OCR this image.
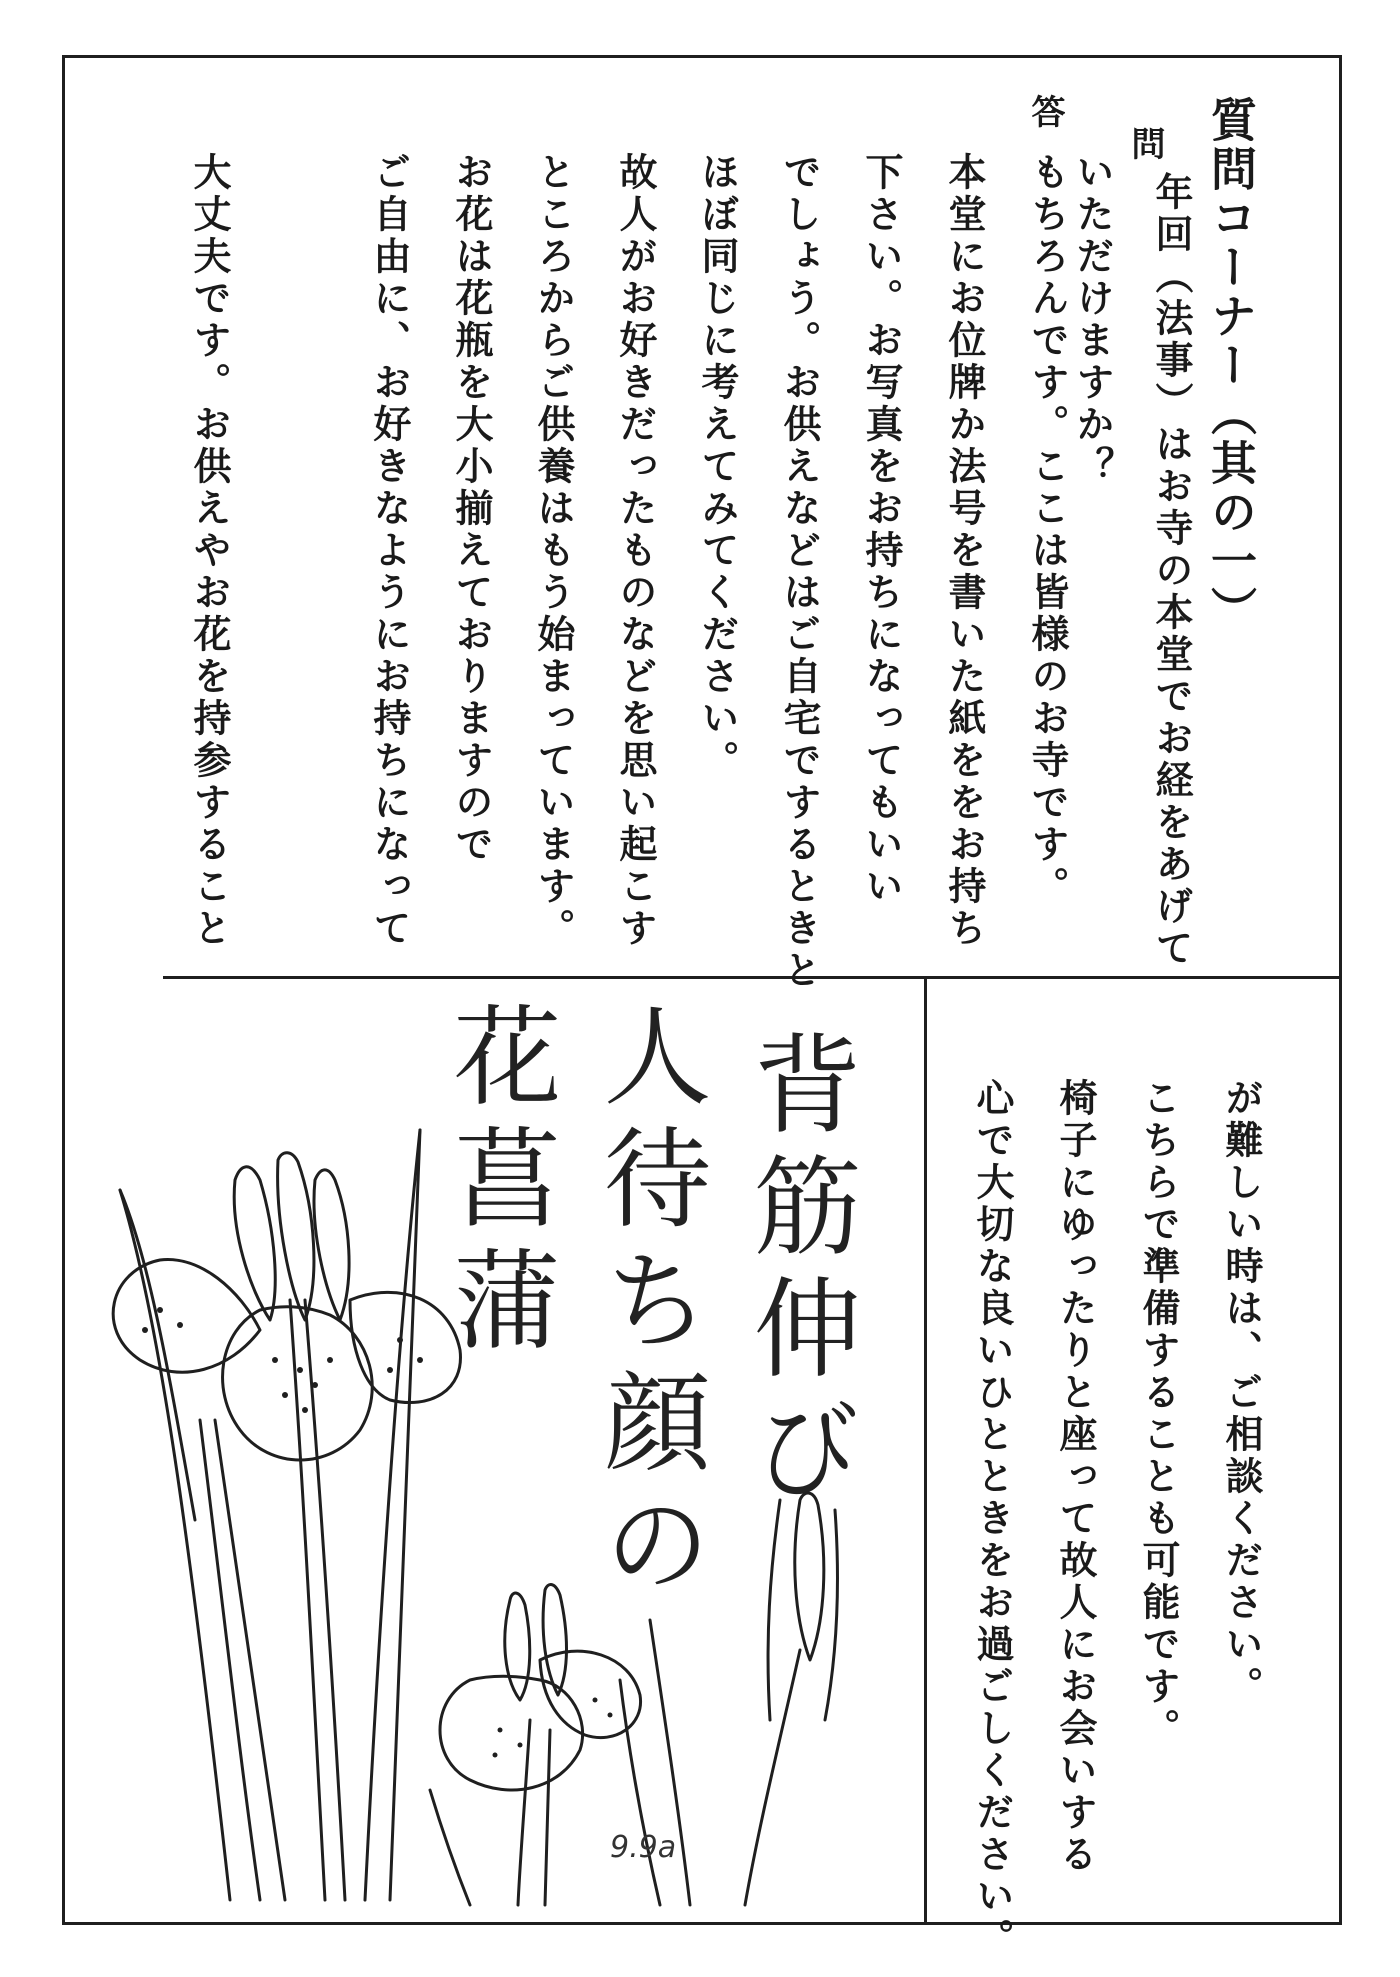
質問コーナー（其の一）
問
年回（法事）はお寺の本堂でお経をあげて
いただけますか？
答
もちろんです。ここは皆様のお寺です。
本堂にお位牌か法号を書いた紙ををお持ち
下さい。お写真をお持ちになってもいい
でしょう。お供えなどはご自宅でするときと
ほぼ同じに考えてみてください。
故人がお好きだったものなどを思い起こす
ところからご供養はもう始まっています。
お花は花瓶を大小揃えておりますので
ご自由に、お好きなようにお持ちになって
大丈夫です。お供えやお花を持参すること
が難しい時は、ご相談ください。
こちらで準備することも可能です。
椅子にゆったりと座って故人にお会いする
心で大切な良いひとときをお過ごしください。
背筋伸び
人待ち顔の
花菖蒲
9.9a
